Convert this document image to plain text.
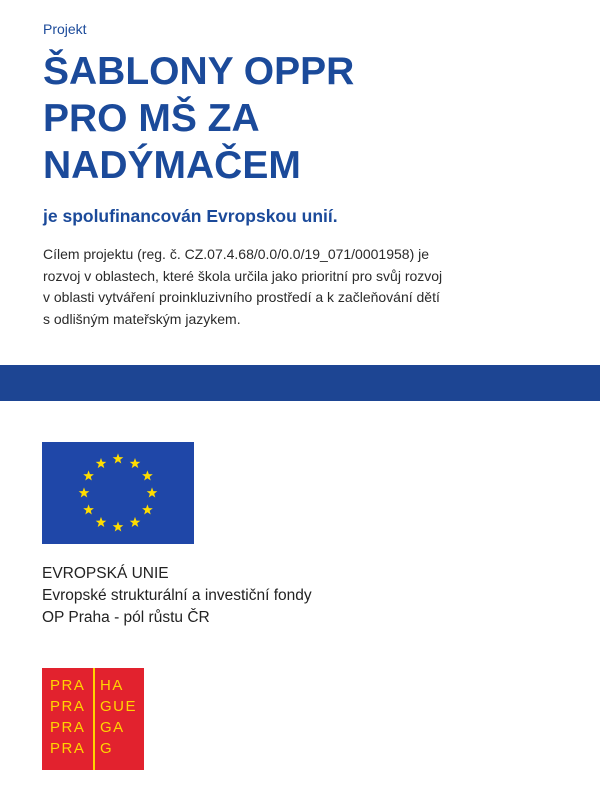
Projekt
ŠABLONY OPPR
PRO MŠ ZA
NADÝMAČEM
je spolufinancován Evropskou unií.
Cílem projektu (reg. č. CZ.07.4.68/0.0/0.0/19_071/0001958) je
rozvoj v oblastech, které škola určila jako prioritní pro svůj rozvoj
v oblasti vytváření proinkluzivního prostředí a k začleňování dětí
s odlišným mateřským jazykem.
EVROPSKÁ UNIE
Evropské strukturální a investiční fondy
OP Praha - pól růstu ČR
PRA HA
PRA GUE
PRA GA
PRA G
